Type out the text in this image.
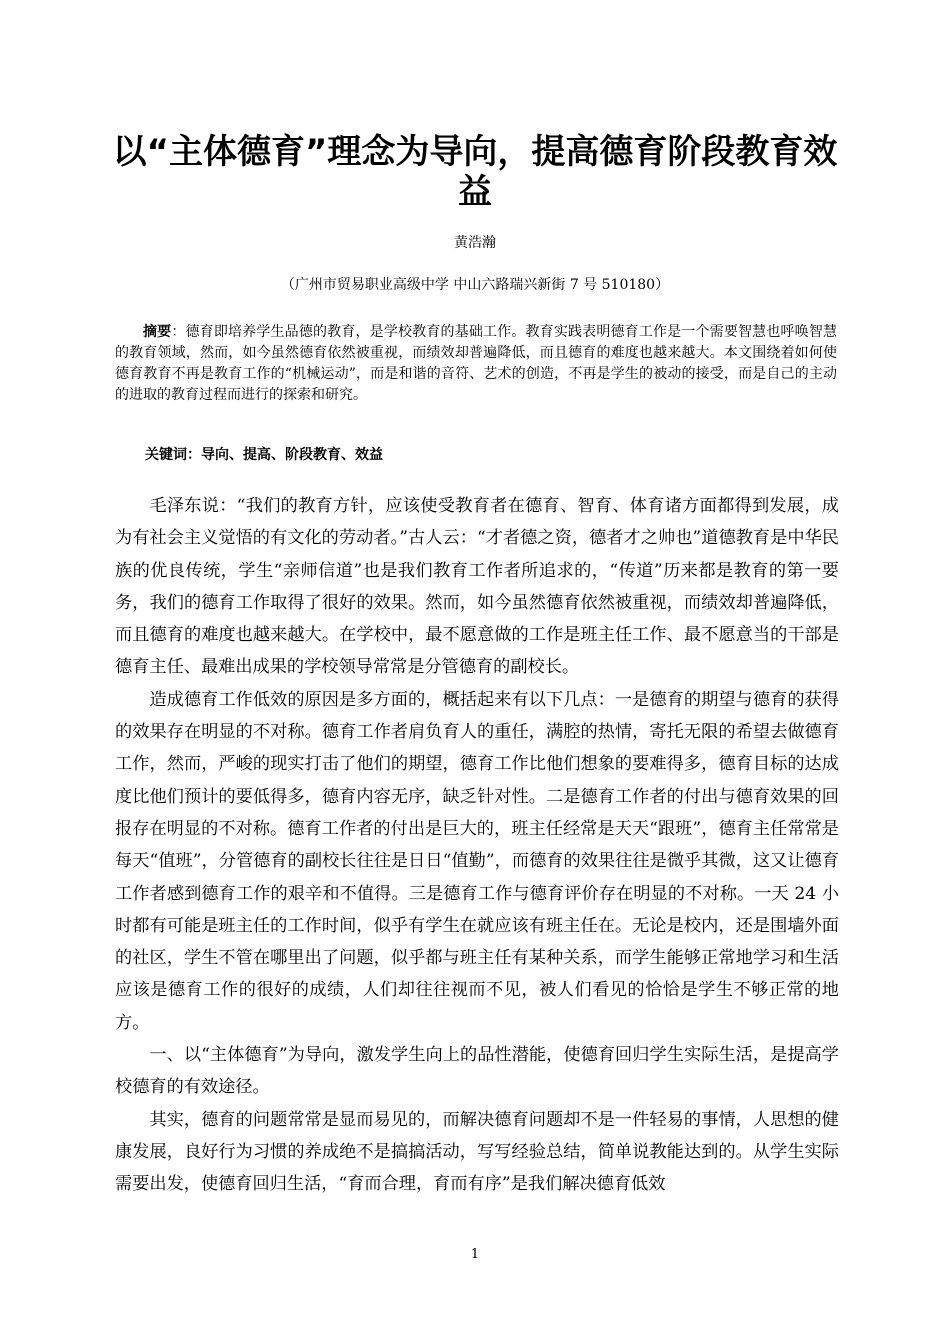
以“主体德育”理念为导向，提高德育阶段教育效益
黄浩瀚
（广州市贸易职业高级中学 中山六路瑞兴新街 7 号 510180）
摘要：德育即培养学生品德的教育，是学校教育的基础工作。教育实践表明德育工作是一个需要智慧也呼唤智慧的教育领域，然而，如今虽然德育依然被重视，而绩效却普遍降低，而且德育的难度也越来越大。本文围绕着如何使德育教育不再是教育工作的“机械运动”，而是和谐的音符、艺术的创造，不再是学生的被动的接受，而是自己的主动的进取的教育过程而进行的探索和研究。
关键词：导向、提高、阶段教育、效益

毛泽东说：“我们的教育方针，应该使受教育者在德育、智育、体育诸方面都得到发展，成为有社会主义觉悟的有文化的劳动者。”古人云：“才者德之资，德者才之帅也”道德教育是中华民族的优良传统，学生“亲师信道”也是我们教育工作者所追求的，“传道”历来都是教育的第一要务，我们的德育工作取得了很好的效果。然而，如今虽然德育依然被重视，而绩效却普遍降低，而且德育的难度也越来越大。在学校中，最不愿意做的工作是班主任工作、最不愿意当的干部是德育主任、最难出成果的学校领导常常是分管德育的副校长。

造成德育工作低效的原因是多方面的，概括起来有以下几点：一是德育的期望与德育的获得的效果存在明显的不对称。德育工作者肩负育人的重任，满腔的热情，寄托无限的希望去做德育工作，然而，严峻的现实打击了他们的期望，德育工作比他们想象的要难得多，德育目标的达成度比他们预计的要低得多，德育内容无序，缺乏针对性。二是德育工作者的付出与德育效果的回报存在明显的不对称。德育工作者的付出是巨大的，班主任经常是天天“跟班”，德育主任常常是每天“值班”，分管德育的副校长往往是日日“值勤”，而德育的效果往往是微乎其微，这又让德育工作者感到德育工作的艰辛和不值得。三是德育工作与德育评价存在明显的不对称。一天 24 小时都有可能是班主任的工作时间，似乎有学生在就应该有班主任在。无论是校内，还是围墙外面的社区，学生不管在哪里出了问题，似乎都与班主任有某种关系，而学生能够正常地学习和生活应该是德育工作的很好的成绩，人们却往往视而不见，被人们看见的恰恰是学生不够正常的地方。

一、以“主体德育”为导向，激发学生向上的品性潜能，使德育回归学生实际生活，是提高学校德育的有效途径。

其实，德育的问题常常是显而易见的，而解决德育问题却不是一件轻易的事情，人思想的健康发展，良好行为习惯的养成绝不是搞搞活动，写写经验总结，简单说教能达到的。从学生实际需要出发，使德育回归生活，“育而合理，育而有序”是我们解决德育低效

1
